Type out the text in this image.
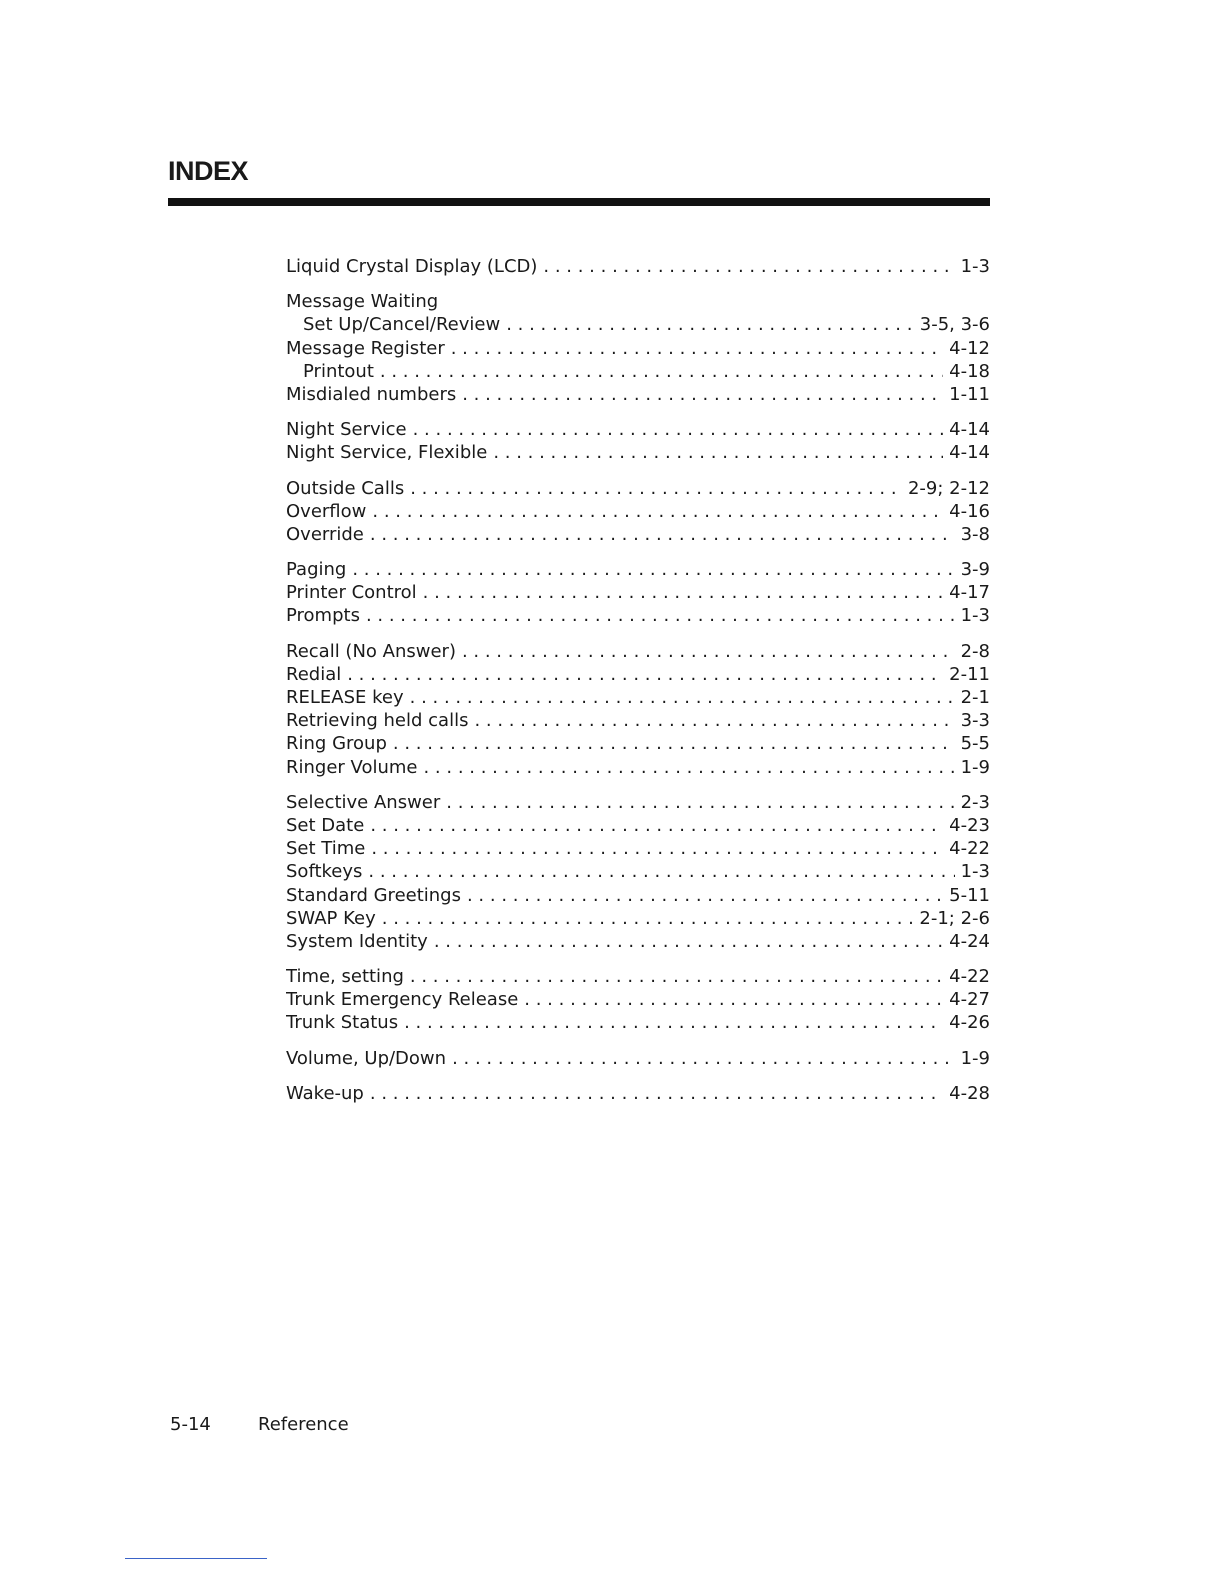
INDEX
Liquid Crystal Display (LCD) . . .	1-3
Message Waiting
Set Up/Cancel/Review . . .	3-5, 3-6
Message Register . . .	4-12
Printout . . .	4-18
Misdialed numbers . . .	1-11
Night Service . . .	4-14
Night Service, Flexible . . .	4-14
Outside Calls . . .	2-9; 2-12
Overflow . . .	4-16
Override . . .	3-8
Paging . . .	3-9
Printer Control . . .	4-17
Prompts . . .	1-3
Recall (No Answer) . . .	2-8
Redial . . .	2-11
RELEASE key . . .	2-1
Retrieving held calls . . .	3-3
Ring Group . . .	5-5
Ringer Volume . . .	1-9
Selective Answer . . .	2-3
Set Date . . .	4-23
Set Time . . .	4-22
Softkeys . . .	1-3
Standard Greetings . . .	5-11
SWAP Key . . .	2-1; 2-6
System Identity . . .	4-24
Time, setting . . .	4-22
Trunk Emergency Release . . .	4-27
Trunk Status . . .	4-26
Volume, Up/Down . . .	1-9
Wake-up . . .	4-28
5-14	Reference
